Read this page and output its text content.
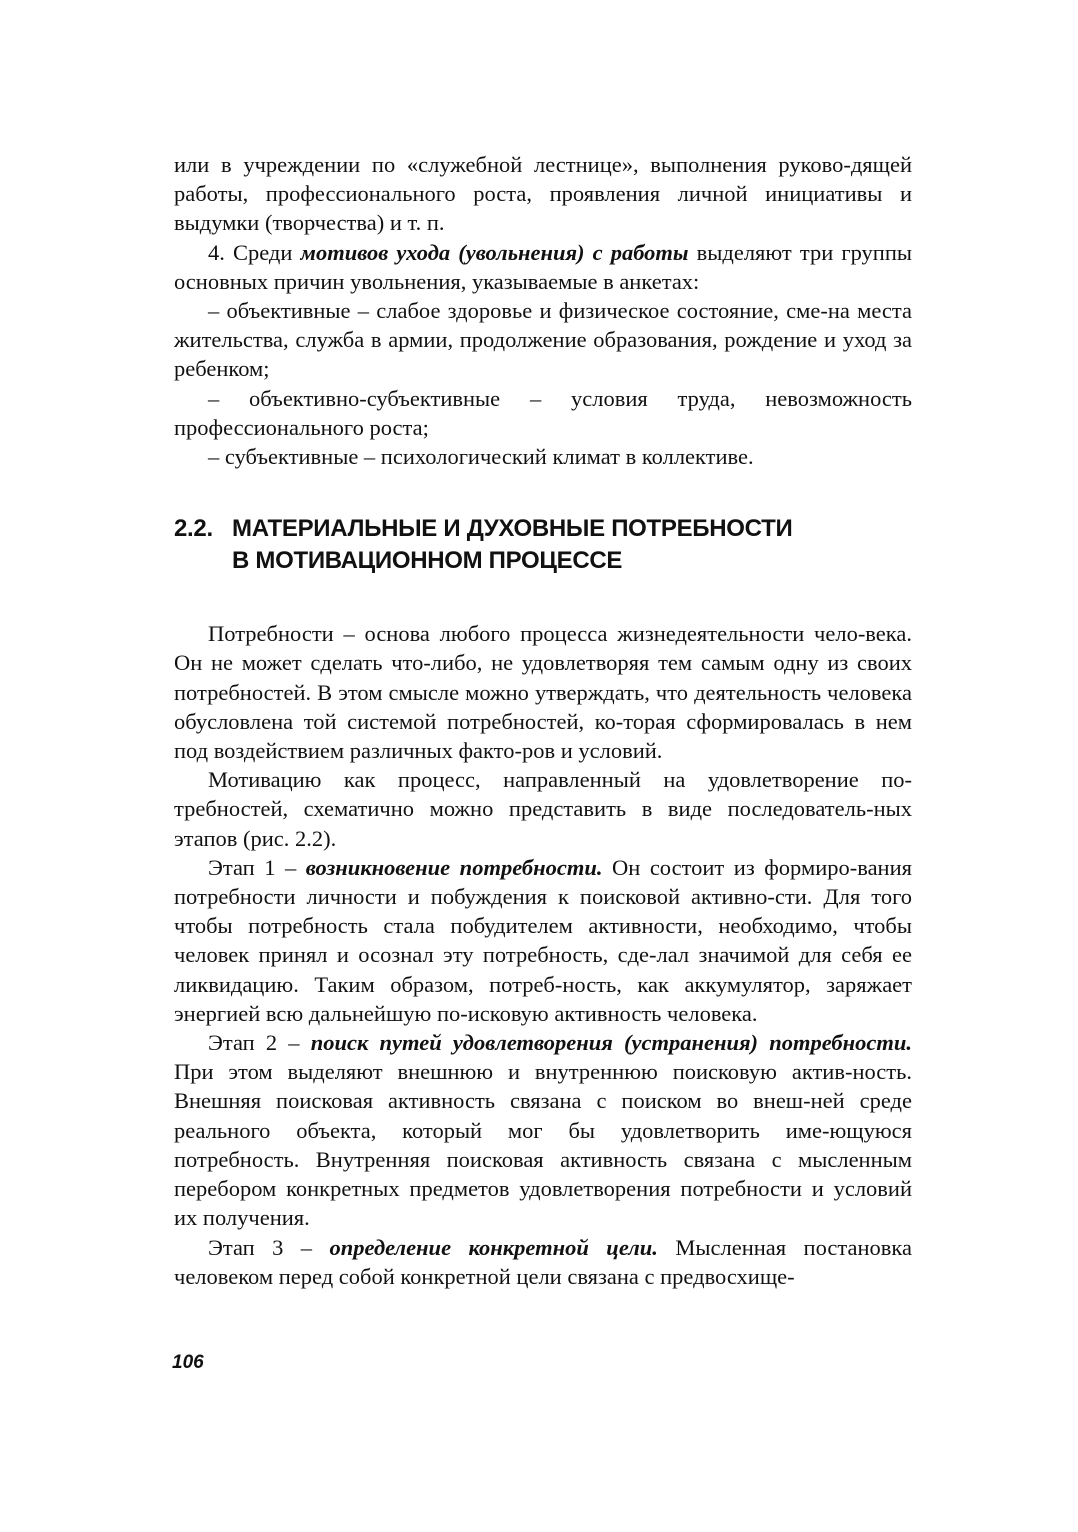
или в учреждении по «служебной лестнице», выполнения руково-дящей работы, профессионального роста, проявления личной инициативы и выдумки (творчества) и т. п.

4. Среди мотивов ухода (увольнения) с работы выделяют три группы основных причин увольнения, указываемые в анкетах:

– объективные – слабое здоровье и физическое состояние, сме-на места жительства, служба в армии, продолжение образования, рождение и уход за ребенком;

– объективно-субъективные – условия труда, невозможность профессионального роста;

– субъективные – психологический климат в коллективе.

2.2. МАТЕРИАЛЬНЫЕ И ДУХОВНЫЕ ПОТРЕБНОСТИ
В МОТИВАЦИОННОМ ПРОЦЕССЕ

Потребности – основа любого процесса жизнедеятельности чело-века. Он не может сделать что-либо, не удовлетворяя тем самым одну из своих потребностей. В этом смысле можно утверждать, что деятельность человека обусловлена той системой потребностей, ко-торая сформировалась в нем под воздействием различных факто-ров и условий.

Мотивацию как процесс, направленный на удовлетворение по-требностей, схематично можно представить в виде последователь-ных этапов (рис. 2.2).

Этап 1 – возникновение потребности. Он состоит из формиро-вания потребности личности и побуждения к поисковой активно-сти. Для того чтобы потребность стала побудителем активности, необходимо, чтобы человек принял и осознал эту потребность, сде-лал значимой для себя ее ликвидацию. Таким образом, потреб-ность, как аккумулятор, заряжает энергией всю дальнейшую по-исковую активность человека.

Этап 2 – поиск путей удовлетворения (устранения) потребности. При этом выделяют внешнюю и внутреннюю поисковую актив-ность. Внешняя поисковая активность связана с поиском во внеш-ней среде реального объекта, который мог бы удовлетворить име-ющуюся потребность. Внутренняя поисковая активность связана с мысленным перебором конкретных предметов удовлетворения потребности и условий их получения.

Этап 3 – определение конкретной цели. Мысленная постановка человеком перед собой конкретной цели связана с предвосхище-

106
